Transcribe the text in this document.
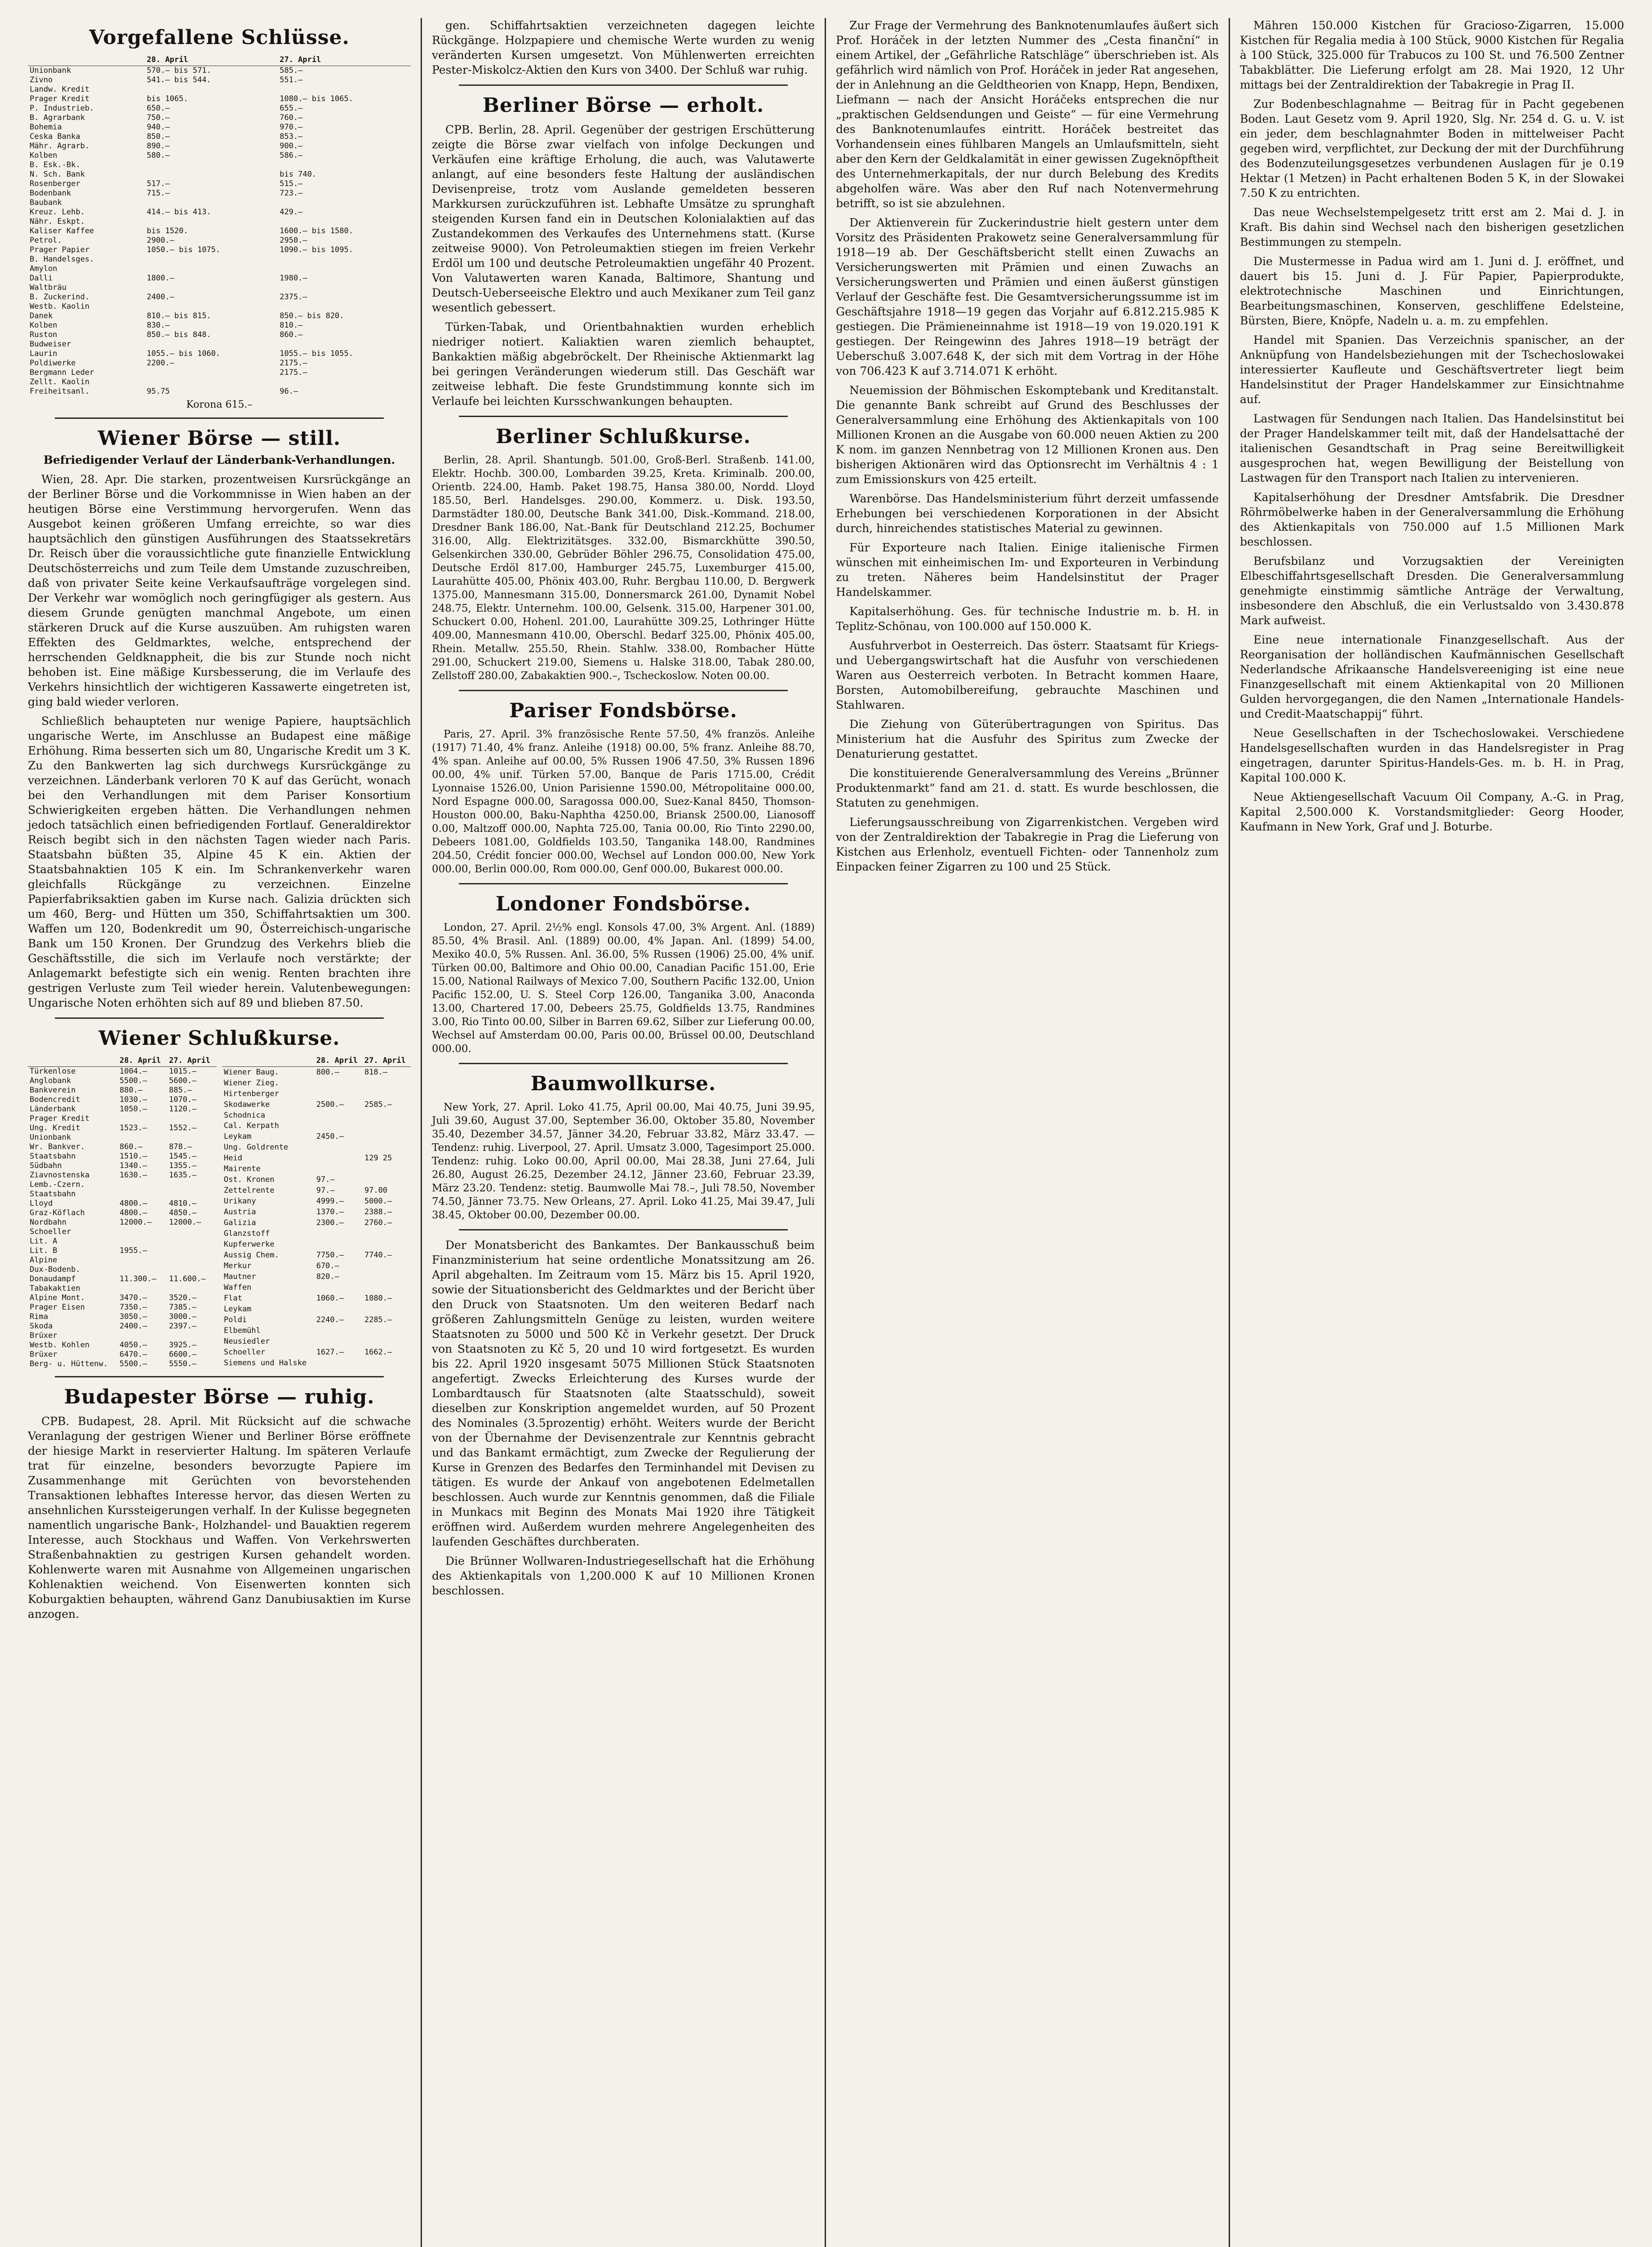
Vorgefallene Schlüsse.
	28. April	27. April
Unionbank	570.– bis 571.	585.–
Zivno	541.– bis 544.	551.–
Landw. Kredit		
Prager Kredit	bis 1065.	1080.– bis 1065.
P. Industrieb.	650.–	655.–
B. Agrarbank	750.–	760.–
Bohemia	940.–	970.–
Ceska Banka	850.–	853.–
Mähr. Agrarb.	890.–	900.–
Kolben	580.–	586.–
B. Esk.-Bk.		
N. Sch. Bank		bis 740.
Rosenberger	517.–	515.–
Bodenbank	715.–	723.–
Baubank		
Kreuz. Lehb.	414.– bis 413.	429.–
Nähr. Eskpt.		
Kaliser Kaffee	bis 1520.	1600.– bis 1580.
Petrol.	2900.–	2950.–
Prager Papier	1050.– bis 1075.	1090.– bis 1095.
B. Handelsges.		
Amylon		
Dalli	1800.–	1980.–
Waltbräu		
B. Zuckerind.	2400.–	2375.–
Westb. Kaolin		
Danek	810.– bis 815.	850.– bis 820.
Kolben	830.–	810.–
Ruston	850.– bis 848.	860.–
Budweiser		
Laurin	1055.– bis 1060.	1055.– bis 1055.
Poldiwerke	2200.–	2175.–
Bergmann Leder		2175.–
Zellt. Kaolin		
Freiheitsanl.	95.75	96.–
Korona 615.–
Wiener Börse — still.
Befriedigender Verlauf der Länderbank-Verhandlungen.

Wien, 28. Apr. Die starken, prozentweisen Kursrückgänge an der Berliner Börse und die Vorkommnisse in Wien haben an der heutigen Börse eine Verstimmung hervorgerufen. Wenn das Ausgebot keinen größeren Umfang erreichte, so war dies hauptsächlich den günstigen Ausführungen des Staatssekretärs Dr. Reisch über die voraussichtliche gute finanzielle Entwicklung Deutschösterreichs und zum Teile dem Umstande zuzuschreiben, daß von privater Seite keine Verkaufsaufträge vorgelegen sind. Der Verkehr war womöglich noch geringfügiger als gestern. Aus diesem Grunde genügten manchmal Angebote, um einen stärkeren Druck auf die Kurse auszuüben. Am ruhigsten waren Effekten des Geldmarktes, welche, entsprechend der herrschenden Geldknappheit, die bis zur Stunde noch nicht behoben ist. Eine mäßige Kursbesserung, die im Verlaufe des Verkehrs hinsichtlich der wichtigeren Kassawerte eingetreten ist, ging bald wieder verloren.

Schließlich behaupteten nur wenige Papiere, hauptsächlich ungarische Werte, im Anschlusse an Budapest eine mäßige Erhöhung. Rima besserten sich um 80, Ungarische Kredit um 3 K. Zu den Bankwerten lag sich durchwegs Kursrückgänge zu verzeichnen. Länderbank verloren 70 K auf das Gerücht, wonach bei den Verhandlungen mit dem Pariser Konsortium Schwierigkeiten ergeben hätten. Die Verhandlungen nehmen jedoch tatsächlich einen befriedigenden Fortlauf. Generaldirektor Reisch begibt sich in den nächsten Tagen wieder nach Paris. Staatsbahn büßten 35, Alpine 45 K ein. Aktien der Staatsbahnaktien 105 K ein. Im Schrankenverkehr waren gleichfalls Rückgänge zu verzeichnen. Einzelne Papierfabriksaktien gaben im Kurse nach. Galizia drückten sich um 460, Berg- und Hütten um 350, Schiffahrtsaktien um 300. Waffen um 120, Bodenkredit um 90, Österreichisch-ungarische Bank um 150 Kronen. Der Grundzug des Verkehrs blieb die Geschäftsstille, die sich im Verlaufe noch verstärkte; der Anlagemarkt befestigte sich ein wenig. Renten brachten ihre gestrigen Verluste zum Teil wieder herein. Valutenbewegungen: Ungarische Noten erhöhten sich auf 89 und blieben 87.50.

Wiener Schlußkurse.
	28. April	27. April
Türkenlose	1004.–	1015.–
Anglobank	5500.–	5600.–
Bankverein	880.–	885.–
Bodencredit	1030.–	1070.–
Länderbank	1050.–	1120.–
Prager Kredit		
Ung. Kredit	1523.–	1552.–
Unionbank		
Wr. Bankver.	860.–	878.–
Staatsbahn	1510.–	1545.–
Südbahn	1340.–	1355.–
Ziavnostenska	1630.–	1635.–
Lemb.-Czern.		
Staatsbahn		
Lloyd	4800.–	4810.–
Graz-Köflach	4800.–	4850.–
Nordbahn	12000.–	12000.–
Schoeller		
Lit. A		
Lit. B	1955.–	
Alpine		
Dux-Bodenb.		
Donaudampf	11.300.–	11.600.–
Tabakaktien		
Alpine Mont.	3470.–	3520.–
Prager Eisen	7350.–	7385.–
Rima	3050.–	3000.–
Skoda	2400.–	2397.–
Brüxer		
Westb. Kohlen	4050.–	3925.–
Brüxer	6470.–	6600.–
Berg- u. Hüttenw.	5500.–	5550.–
	28. April	27. April
Wiener Baug.	800.–	818.–
Wiener Zieg.		
Hirtenberger		
Skodawerke	2500.–	2585.–
Schodnica		
Cal. Kerpath		
Leykam	2450.–	
Ung. Goldrente		
Heid		129 25
Mairente		
Ost. Kronen	97.–	
Zettelrente	97.–	97.00
Urikany	4999.–	5000.–
Austria	1370.–	2388.–
Galizia	2300.–	2760.–
Glanzstoff		
Kupferwerke		
Aussig Chem.	7750.–	7740.–
Merkur	670.–	
Mautner	820.–	
Waffen		
Flat	1060.–	1080.–
Leykam		
Poldi	2240.–	2285.–
Elbemühl		
Neusiedler		
Schoeller	1627.–	1662.–
Siemens und Halske		
Budapester Börse — ruhig.

CPB. Budapest, 28. April. Mit Rücksicht auf die schwache Veranlagung der gestrigen Wiener und Berliner Börse eröffnete der hiesige Markt in reservierter Haltung. Im späteren Verlaufe trat für einzelne, besonders bevorzugte Papiere im Zusammenhange mit Gerüchten von bevorstehenden Transaktionen lebhaftes Interesse hervor, das diesen Werten zu ansehnlichen Kurssteigerungen verhalf. In der Kulisse begegneten namentlich ungarische Bank-, Holzhandel- und Bauaktien regerem Interesse, auch Stockhaus und Waffen. Von Verkehrswerten Straßenbahnaktien zu gestrigen Kursen gehandelt worden. Kohlenwerte waren mit Ausnahme von Allgemeinen ungarischen Kohlenaktien weichend. Von Eisenwerten konnten sich Koburgaktien behaupten, während Ganz Danubiusaktien im Kurse anzogen.

gen. Schiffahrtsaktien verzeichneten dagegen leichte Rückgänge. Holzpapiere und chemische Werte wurden zu wenig veränderten Kursen umgesetzt. Von Mühlenwerten erreichten Pester-Miskolcz-Aktien den Kurs von 3400. Der Schluß war ruhig.

Berliner Börse — erholt.

CPB. Berlin, 28. April. Gegenüber der gestrigen Erschütterung zeigte die Börse zwar vielfach von infolge Deckungen und Verkäufen eine kräftige Erholung, die auch, was Valutawerte anlangt, auf eine besonders feste Haltung der ausländischen Devisenpreise, trotz vom Auslande gemeldeten besseren Markkursen zurückzuführen ist. Lebhafte Umsätze zu sprunghaft steigenden Kursen fand ein in Deutschen Kolonialaktien auf das Zustandekommen des Verkaufes des Unternehmens statt. (Kurse zeitweise 9000). Von Petroleumaktien stiegen im freien Verkehr Erdöl um 100 und deutsche Petroleumaktien ungefähr 40 Prozent. Von Valutawerten waren Kanada, Baltimore, Shantung und Deutsch-Ueberseeische Elektro und auch Mexikaner zum Teil ganz wesentlich gebessert.

Türken-Tabak, und Orientbahnaktien wurden erheblich niedriger notiert. Kaliaktien waren ziemlich behauptet, Bankaktien mäßig abgebröckelt. Der Rheinische Aktienmarkt lag bei geringen Veränderungen wiederum still. Das Geschäft war zeitweise lebhaft. Die feste Grundstimmung konnte sich im Verlaufe bei leichten Kursschwankungen behaupten.

Berliner Schlußkurse.

Berlin, 28. April. Shantungb. 501.00, Groß-Berl. Straßenb. 141.00, Elektr. Hochb. 300.00, Lombarden 39.25, Kreta. Kriminalb. 200.00, Orientb. 224.00, Hamb. Paket 198.75, Hansa 380.00, Nordd. Lloyd 185.50, Berl. Handelsges. 290.00, Kommerz. u. Disk. 193.50, Darmstädter 180.00, Deutsche Bank 341.00, Disk.-Kommand. 218.00, Dresdner Bank 186.00, Nat.-Bank für Deutschland 212.25, Bochumer 316.00, Allg. Elektrizitätsges. 332.00, Bismarckhütte 390.50, Gelsenkirchen 330.00, Gebrüder Böhler 296.75, Consolidation 475.00, Deutsche Erdöl 817.00, Hamburger 245.75, Luxemburger 415.00, Laurahütte 405.00, Phönix 403.00, Ruhr. Bergbau 110.00, D. Bergwerk 1375.00, Mannesmann 315.00, Donnersmarck 261.00, Dynamit Nobel 248.75, Elektr. Unternehm. 100.00, Gelsenk. 315.00, Harpener 301.00, Schuckert 0.00, Hohenl. 201.00, Laurahütte 309.25, Lothringer Hütte 409.00, Mannesmann 410.00, Oberschl. Bedarf 325.00, Phönix 405.00, Rhein. Metallw. 255.50, Rhein. Stahlw. 338.00, Rombacher Hütte 291.00, Schuckert 219.00, Siemens u. Halske 318.00, Tabak 280.00, Zellstoff 280.00, Zabakaktien 900.–, Tscheckoslow. Noten 00.00.

Pariser Fondsbörse.

Paris, 27. April. 3% französische Rente 57.50, 4% französ. Anleihe (1917) 71.40, 4% franz. Anleihe (1918) 00.00, 5% franz. Anleihe 88.70, 4% span. Anleihe auf 00.00, 5% Russen 1906 47.50, 3% Russen 1896 00.00, 4% unif. Türken 57.00, Banque de Paris 1715.00, Crédit Lyonnaise 1526.00, Union Parisienne 1590.00, Métropolitaine 000.00, Nord Espagne 000.00, Saragossa 000.00, Suez-Kanal 8450, Thomson-Houston 000.00, Baku-Naphtha 4250.00, Briansk 2500.00, Lianosoff 0.00, Maltzoff 000.00, Naphta 725.00, Tania 00.00, Rio Tinto 2290.00, Debeers 1081.00, Goldfields 103.50, Tanganika 148.00, Randmines 204.50, Crédit foncier 000.00, Wechsel auf London 000.00, New York 000.00, Berlin 000.00, Rom 000.00, Genf 000.00, Bukarest 000.00.

Londoner Fondsbörse.

London, 27. April. 2½% engl. Konsols 47.00, 3% Argent. Anl. (1889) 85.50, 4% Brasil. Anl. (1889) 00.00, 4% Japan. Anl. (1899) 54.00, Mexiko 40.0, 5% Russen. Anl. 36.00, 5% Russen (1906) 25.00, 4% unif. Türken 00.00, Baltimore and Ohio 00.00, Canadian Pacific 151.00, Erie 15.00, National Railways of Mexico 7.00, Southern Pacific 132.00, Union Pacific 152.00, U. S. Steel Corp 126.00, Tanganika 3.00, Anaconda 13.00, Chartered 17.00, Debeers 25.75, Goldfields 13.75, Randmines 3.00, Rio Tinto 00.00, Silber in Barren 69.62, Silber zur Lieferung 00.00, Wechsel auf Amsterdam 00.00, Paris 00.00, Brüssel 00.00, Deutschland 000.00.

Baumwollkurse.

New York, 27. April. Loko 41.75, April 00.00, Mai 40.75, Juni 39.95, Juli 39.60, August 37.00, September 36.00, Oktober 35.80, November 35.40, Dezember 34.57, Jänner 34.20, Februar 33.82, März 33.47. — Tendenz: ruhig. Liverpool, 27. April. Umsatz 3.000, Tagesimport 25.000. Tendenz: ruhig. Loko 00.00, April 00.00, Mai 28.38, Juni 27.64, Juli 26.80, August 26.25, Dezember 24.12, Jänner 23.60, Februar 23.39, März 23.20. Tendenz: stetig. Baumwolle Mai 78.–, Juli 78.50, November 74.50, Jänner 73.75. New Orleans, 27. April. Loko 41.25, Mai 39.47, Juli 38.45, Oktober 00.00, Dezember 00.00.

Der Monatsbericht des Bankamtes. Der Bankausschuß beim Finanzministerium hat seine ordentliche Monatssitzung am 26. April abgehalten. Im Zeitraum vom 15. März bis 15. April 1920, sowie der Situationsbericht des Geldmarktes und der Bericht über den Druck von Staatsnoten. Um den weiteren Bedarf nach größeren Zahlungsmitteln Genüge zu leisten, wurden weitere Staatsnoten zu 5000 und 500 Kč in Verkehr gesetzt. Der Druck von Staatsnoten zu Kč 5, 20 und 10 wird fortgesetzt. Es wurden bis 22. April 1920 insgesamt 5075 Millionen Stück Staatsnoten angefertigt. Zwecks Erleichterung des Kurses wurde der Lombardtausch für Staatsnoten (alte Staatsschuld), soweit dieselben zur Konskription angemeldet wurden, auf 50 Prozent des Nominales (3.5prozentig) erhöht. Weiters wurde der Bericht von der Übernahme der Devisenzentrale zur Kenntnis gebracht und das Bankamt ermächtigt, zum Zwecke der Regulierung der Kurse in Grenzen des Bedarfes den Terminhandel mit Devisen zu tätigen. Es wurde der Ankauf von angebotenen Edelmetallen beschlossen. Auch wurde zur Kenntnis genommen, daß die Filiale in Munkacs mit Beginn des Monats Mai 1920 ihre Tätigkeit eröffnen wird. Außerdem wurden mehrere Angelegenheiten des laufenden Geschäftes durchberaten.

Die Brünner Wollwaren-Industriegesellschaft hat die Erhöhung des Aktienkapitals von 1,200.000 K auf 10 Millionen Kronen beschlossen.

Zur Frage der Vermehrung des Banknotenumlaufes äußert sich Prof. Horáček in der letzten Nummer des „Cesta finanční“ in einem Artikel, der „Gefährliche Ratschläge“ überschrieben ist. Als gefährlich wird nämlich von Prof. Horáček in jeder Rat angesehen, der in Anlehnung an die Geldtheorien von Knapp, Hepn, Bendixen, Liefmann — nach der Ansicht Horáčeks entsprechen die nur „praktischen Geldsendungen und Geiste“ — für eine Vermehrung des Banknotenumlaufes eintritt. Horáček bestreitet das Vorhandensein eines fühlbaren Mangels an Umlaufsmitteln, sieht aber den Kern der Geldkalamität in einer gewissen Zugeknöpftheit des Unternehmerkapitals, der nur durch Belebung des Kredits abgeholfen wäre. Was aber den Ruf nach Notenvermehrung betrifft, so ist sie abzulehnen.

Der Aktienverein für Zuckerindustrie hielt gestern unter dem Vorsitz des Präsidenten Prakowetz seine Generalversammlung für 1918—19 ab. Der Geschäftsbericht stellt einen Zuwachs an Versicherungswerten mit Prämien und einen Zuwachs an Versicherungswerten und Prämien und einen äußerst günstigen Verlauf der Geschäfte fest. Die Gesamtversicherungssumme ist im Geschäftsjahre 1918—19 gegen das Vorjahr auf 6.812.215.985 K gestiegen. Die Prämieneinnahme ist 1918—19 von 19.020.191 K gestiegen. Der Reingewinn des Jahres 1918—19 beträgt der Ueberschuß 3.007.648 K, der sich mit dem Vortrag in der Höhe von 706.423 K auf 3.714.071 K erhöht.

Neuemission der Böhmischen Eskomptebank und Kreditanstalt. Die genannte Bank schreibt auf Grund des Beschlusses der Generalversammlung eine Erhöhung des Aktienkapitals von 100 Millionen Kronen an die Ausgabe von 60.000 neuen Aktien zu 200 K nom. im ganzen Nennbetrag von 12 Millionen Kronen aus. Den bisherigen Aktionären wird das Optionsrecht im Verhältnis 4 : 1 zum Emissionskurs von 425 erteilt.

Warenbörse. Das Handelsministerium führt derzeit umfassende Erhebungen bei verschiedenen Korporationen in der Absicht durch, hinreichendes statistisches Material zu gewinnen.

Für Exporteure nach Italien. Einige italienische Firmen wünschen mit einheimischen Im- und Exporteuren in Verbindung zu treten. Näheres beim Handelsinstitut der Prager Handelskammer.

Kapitalserhöhung. Ges. für technische Industrie m. b. H. in Teplitz-Schönau, von 100.000 auf 150.000 K.

Ausfuhrverbot in Oesterreich. Das österr. Staatsamt für Kriegs- und Uebergangswirtschaft hat die Ausfuhr von verschiedenen Waren aus Oesterreich verboten. In Betracht kommen Haare, Borsten, Automobilbereifung, gebrauchte Maschinen und Stahlwaren.

Die Ziehung von Güterübertragungen von Spiritus. Das Ministerium hat die Ausfuhr des Spiritus zum Zwecke der Denaturierung gestattet.

Die konstituierende Generalversammlung des Vereins „Brünner Produktenmarkt“ fand am 21. d. statt. Es wurde beschlossen, die Statuten zu genehmigen.

Lieferungsausschreibung von Zigarrenkistchen. Vergeben wird von der Zentraldirektion der Tabakregie in Prag die Lieferung von Kistchen aus Erlenholz, eventuell Fichten- oder Tannenholz zum Einpacken feiner Zigarren zu 100 und 25 Stück.

Mähren 150.000 Kistchen für Gracioso-Zigarren, 15.000 Kistchen für Regalia media à 100 Stück, 9000 Kistchen für Regalia à 100 Stück, 325.000 für Trabucos zu 100 St. und 76.500 Zentner Tabakblätter. Die Lieferung erfolgt am 28. Mai 1920, 12 Uhr mittags bei der Zentraldirektion der Tabakregie in Prag II.

Zur Bodenbeschlagnahme — Beitrag für in Pacht gegebenen Boden. Laut Gesetz vom 9. April 1920, Slg. Nr. 254 d. G. u. V. ist ein jeder, dem beschlagnahmter Boden in mittelweiser Pacht gegeben wird, verpflichtet, zur Deckung der mit der Durchführung des Bodenzuteilungsgesetzes verbundenen Auslagen für je 0.19 Hektar (1 Metzen) in Pacht erhaltenen Boden 5 K, in der Slowakei 7.50 K zu entrichten.

Das neue Wechselstempelgesetz tritt erst am 2. Mai d. J. in Kraft. Bis dahin sind Wechsel nach den bisherigen gesetzlichen Bestimmungen zu stempeln.

Die Mustermesse in Padua wird am 1. Juni d. J. eröffnet, und dauert bis 15. Juni d. J. Für Papier, Papierprodukte, elektrotechnische Maschinen und Einrichtungen, Bearbeitungsmaschinen, Konserven, geschliffene Edelsteine, Bürsten, Biere, Knöpfe, Nadeln u. a. m. zu empfehlen.

Handel mit Spanien. Das Verzeichnis spanischer, an der Anknüpfung von Handelsbeziehungen mit der Tschechoslowakei interessierter Kaufleute und Geschäftsvertreter liegt beim Handelsinstitut der Prager Handelskammer zur Einsichtnahme auf.

Lastwagen für Sendungen nach Italien. Das Handelsinstitut bei der Prager Handelskammer teilt mit, daß der Handelsattaché der italienischen Gesandtschaft in Prag seine Bereitwilligkeit ausgesprochen hat, wegen Bewilligung der Beistellung von Lastwagen für den Transport nach Italien zu intervenieren.

Kapitalserhöhung der Dresdner Amtsfabrik. Die Dresdner Röhrmöbelwerke haben in der Generalversammlung die Erhöhung des Aktienkapitals von 750.000 auf 1.5 Millionen Mark beschlossen.

Berufsbilanz und Vorzugsaktien der Vereinigten Elbeschiffahrtsgesellschaft Dresden. Die Generalversammlung genehmigte einstimmig sämtliche Anträge der Verwaltung, insbesondere den Abschluß, die ein Verlustsaldo von 3.430.878 Mark aufweist.

Eine neue internationale Finanzgesellschaft. Aus der Reorganisation der holländischen Kaufmännischen Gesellschaft Nederlandsche Afrikaansche Handelsvereeniging ist eine neue Finanzgesellschaft mit einem Aktienkapital von 20 Millionen Gulden hervorgegangen, die den Namen „Internationale Handels- und Credit-Maatschappij“ führt.

Neue Gesellschaften in der Tschechoslowakei. Verschiedene Handelsgesellschaften wurden in das Handelsregister in Prag eingetragen, darunter Spiritus-Handels-Ges. m. b. H. in Prag, Kapital 100.000 K.

Neue Aktiengesellschaft Vacuum Oil Company, A.-G. in Prag, Kapital 2,500.000 K. Vorstandsmitglieder: Georg Hooder, Kaufmann in New York, Graf und J. Boturbe.
